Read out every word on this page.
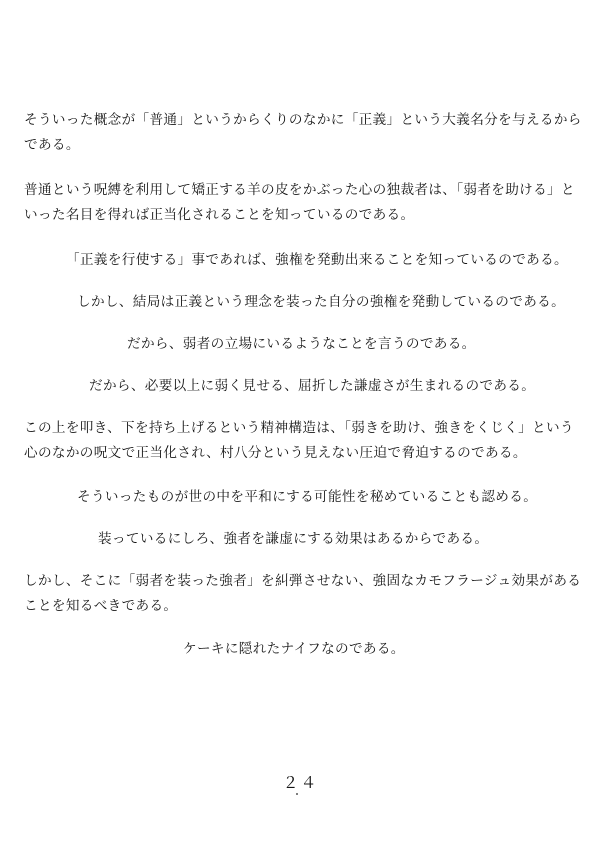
そういった概念が「普通」というからくりのなかに「正義」という大義名分を与えるから
である。
普通という呪縛を利用して矯正する羊の皮をかぶった心の独裁者は、「弱者を助ける」と
いった名目を得れば正当化されることを知っているのである。
「正義を行使する」事であれば、強権を発動出来ることを知っているのである。
しかし、結局は正義という理念を装った自分の強権を発動しているのである。
だから、弱者の立場にいるようなことを言うのである。
だから、必要以上に弱く見せる、屈折した謙虚さが生まれるのである。
この上を叩き、下を持ち上げるという精神構造は、「弱きを助け、強きをくじく」という
心のなかの呪文で正当化され、村八分という見えない圧迫で脅迫するのである。
そういったものが世の中を平和にする可能性を秘めていることも認める。
装っているにしろ、強者を謙虚にする効果はあるからである。
しかし、そこに「弱者を装った強者」を糾弾させない、強固なカモフラージュ効果がある
ことを知るべきである。
ケーキに隠れたナイフなのである。
２４
